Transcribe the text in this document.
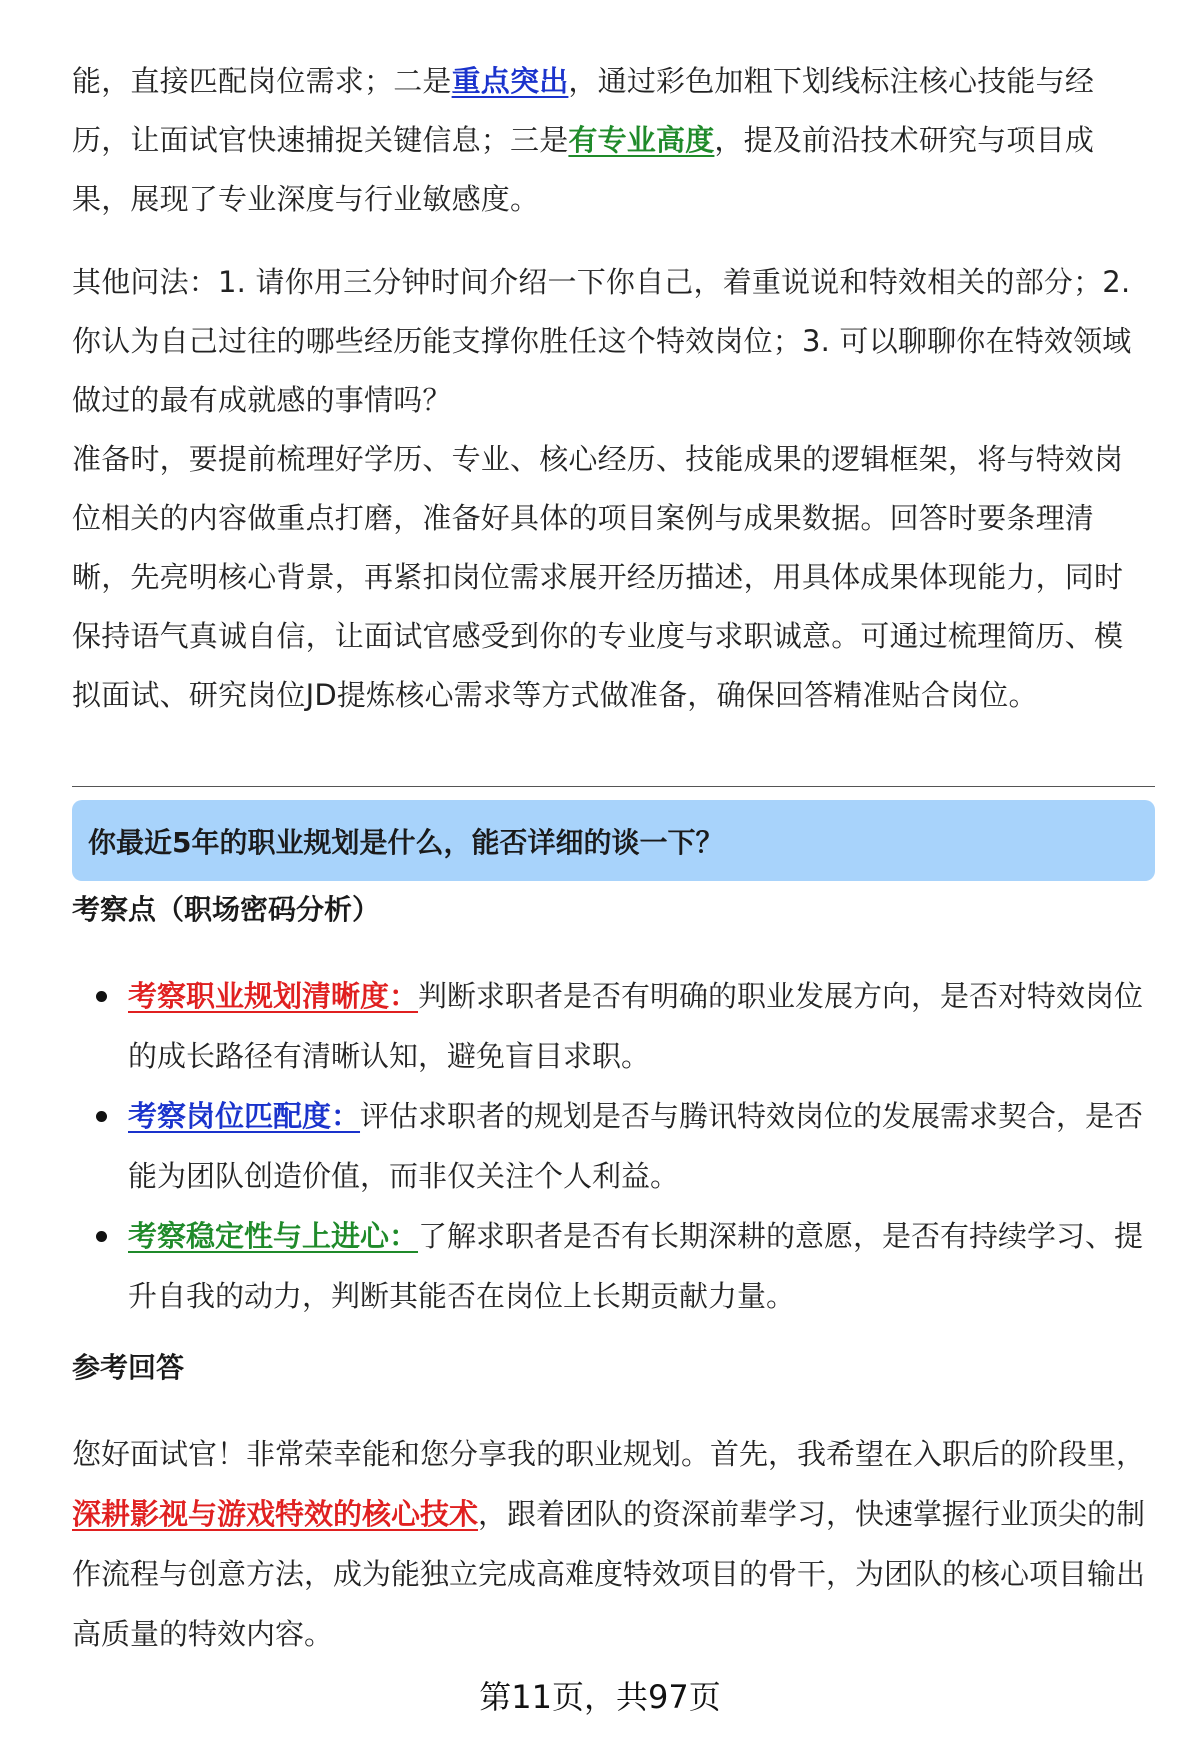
能，直接匹配岗位需求；二是重点突出，通过彩色加粗下划线标注核心技能与经历，让面试官快速捕捉关键信息；三是有专业高度，提及前沿技术研究与项目成果，展现了专业深度与行业敏感度。

其他问法：1. 请你用三分钟时间介绍一下你自己，着重说说和特效相关的部分；2. 你认为自己过往的哪些经历能支撑你胜任这个特效岗位；3. 可以聊聊你在特效领域做过的最有成就感的事情吗？

准备时，要提前梳理好学历、专业、核心经历、技能成果的逻辑框架，将与特效岗位相关的内容做重点打磨，准备好具体的项目案例与成果数据。回答时要条理清晰，先亮明核心背景，再紧扣岗位需求展开经历描述，用具体成果体现能力，同时保持语气真诚自信，让面试官感受到你的专业度与求职诚意。可通过梳理简历、模拟面试、研究岗位JD提炼核心需求等方式做准备，确保回答精准贴合岗位。

你最近5年的职业规划是什么，能否详细的谈一下？
考察点（职场密码分析）
考察职业规划清晰度：判断求职者是否有明确的职业发展方向，是否对特效岗位的成长路径有清晰认知，避免盲目求职。
考察岗位匹配度：评估求职者的规划是否与腾讯特效岗位的发展需求契合，是否能为团队创造价值，而非仅关注个人利益。
考察稳定性与上进心：了解求职者是否有长期深耕的意愿，是否有持续学习、提升自我的动力，判断其能否在岗位上长期贡献力量。
参考回答

您好面试官！非常荣幸能和您分享我的职业规划。首先，我希望在入职后的阶段里，深耕影视与游戏特效的核心技术，跟着团队的资深前辈学习，快速掌握行业顶尖的制作流程与创意方法，成为能独立完成高难度特效项目的骨干，为团队的核心项目输出高质量的特效内容。

第11页，共97页
